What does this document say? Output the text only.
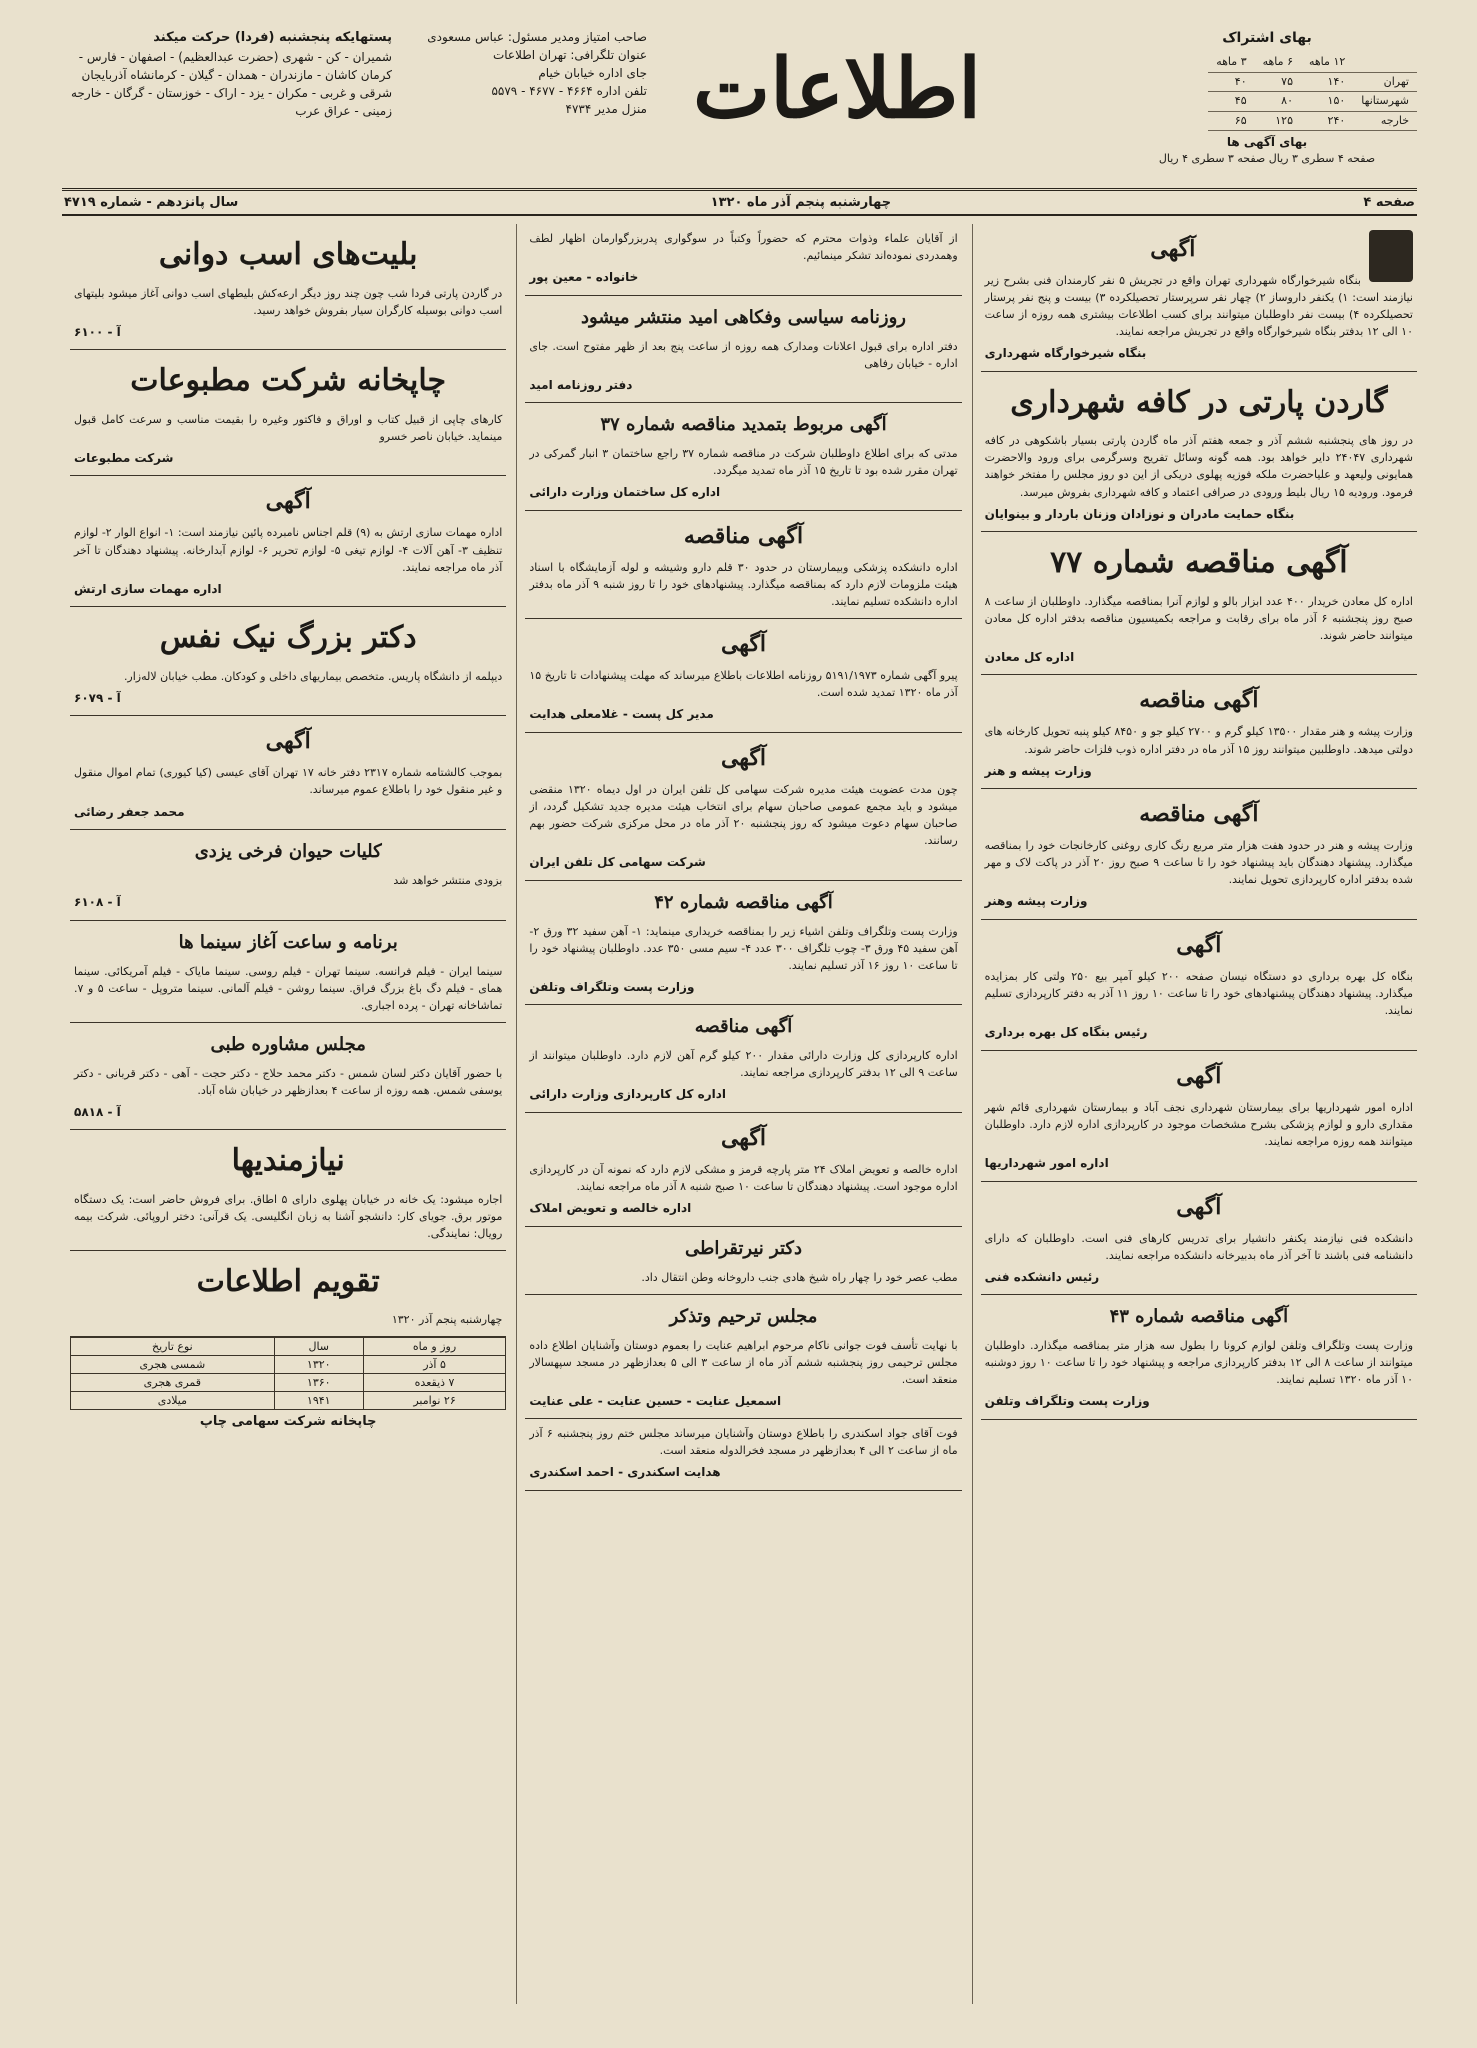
بهای اشتراک
	۱۲ ماهه	۶ ماهه	۳ ماهه
تهران	۱۴۰	۷۵	۴۰
شهرستانها	۱۵۰	۸۰	۴۵
خارجه	۲۴۰	۱۲۵	۶۵
بهای آگهی ها
صفحه ۴ سطری ۳ ریال صفحه ۳ سطری ۴ ریال
اطلاعات
صاحب امتیاز ومدیر مسئول: عباس مسعودی
عنوان تلگرافی: تهران اطلاعات
جای اداره خیابان خیام
تلفن اداره ۴۶۶۴ - ۴۶۷۷ - ۵۵۷۹
منزل مدیر ۴۷۳۴
پستهایکه پنجشنبه (فردا) حرکت میکند
شمیران - کن - شهری (حضرت عبدالعظیم) - اصفهان - فارس - کرمان کاشان - مازندران - همدان - گیلان - کرمانشاه آذربایجان شرقی و غربی - مکران - یزد - اراک - خوزستان - گرگان - خارجه زمینی - عراق عرب
صفحه ۴
چهارشنبه پنجم آذر ماه ۱۳۲۰
سال پانزدهم - شماره ۴۷۱۹
آگهی

بنگاه شیرخوارگاه شهرداری تهران واقع در تجریش ۵ نفر کارمندان فنی بشرح زیر نیازمند است: ۱) یکنفر داروساز ۲) چهار نفر سرپرستار تحصیلکرده ۳) بیست و پنج نفر پرستار تحصیلکرده ۴) بیست نفر داوطلبان میتوانند برای کسب اطلاعات بیشتری همه روزه از ساعت ۱۰ الی ۱۲ بدفتر بنگاه شیرخوارگاه واقع در تجریش مراجعه نمایند.

بنگاه شیرخوارگاه شهرداری
گاردن پارتی در کافه شهرداری

در روز های پنجشنبه ششم آذر و جمعه هفتم آذر ماه گاردن پارتی بسیار باشکوهی در کافه شهرداری ۲۴۰۴۷ دایر خواهد بود. همه گونه وسائل تفریح وسرگرمی برای ورود والاحضرت همایونی ولیعهد و علیاحضرت ملکه فوزیه پهلوی دریکی از این دو روز مجلس را مفتخر خواهند فرمود. ورودیه ۱۵ ریال بلیط ورودی در صرافی اعتماد و کافه شهرداری بفروش میرسد.

بنگاه حمایت مادران و نوزادان وزنان باردار و بینوایان
آگهی مناقصه شماره ۷۷

اداره کل معادن خریدار ۴۰۰ عدد ابزار بالو و لوازم آنرا بمناقصه میگذارد. داوطلبان از ساعت ۸ صبح روز پنجشنبه ۶ آذر ماه برای رقابت و مراجعه بکمیسیون مناقصه بدفتر اداره کل معادن میتوانند حاضر شوند.

اداره کل معادن
آگهی مناقصه

وزارت پیشه و هنر مقدار ۱۳۵۰۰ کیلو گرم و ۲۷۰۰ کیلو جو و ۸۴۵۰ کیلو پنبه تحویل کارخانه های دولتی میدهد. داوطلبین میتوانند روز ۱۵ آذر ماه در دفتر اداره ذوب فلزات حاضر شوند.

وزارت پیشه و هنر
آگهی مناقصه

وزارت پیشه و هنر در حدود هفت هزار متر مربع رنگ کاری روغنی کارخانجات خود را بمناقصه میگذارد. پیشنهاد دهندگان باید پیشنهاد خود را تا ساعت ۹ صبح روز ۲۰ آذر در پاکت لاک و مهر شده بدفتر اداره کارپردازی تحویل نمایند.

وزارت پیشه وهنر
آگهی

بنگاه کل بهره برداری دو دستگاه نیسان صفحه ۲۰۰ کیلو آمپر بیع ۲۵۰ ولتی کار بمزایده میگذارد. پیشنهاد دهندگان پیشنهادهای خود را تا ساعت ۱۰ روز ۱۱ آذر به دفتر کارپردازی تسلیم نمایند.

رئیس بنگاه کل بهره برداری
آگهی

اداره امور شهرداریها برای بیمارستان شهرداری نجف آباد و بیمارستان شهرداری قائم شهر مقداری دارو و لوازم پزشکی بشرح مشخصات موجود در کارپردازی اداره لازم دارد. داوطلبان میتوانند همه روزه مراجعه نمایند.

اداره امور شهرداریها
آگهی

دانشکده فنی نیازمند یکنفر دانشیار برای تدریس کارهای فنی است. داوطلبان که دارای دانشنامه فنی باشند تا آخر آذر ماه بدبیرخانه دانشکده مراجعه نمایند.

رئیس دانشکده فنی
آگهی مناقصه شماره ۴۳

وزارت پست وتلگراف وتلفن لوازم کرونا را بطول سه هزار متر بمناقصه میگذارد. داوطلبان میتوانند از ساعت ۸ الی ۱۲ بدفتر کارپردازی مراجعه و پیشنهاد خود را تا ساعت ۱۰ روز دوشنبه ۱۰ آذر ماه ۱۳۲۰ تسلیم نمایند.

وزارت پست وتلگراف وتلفن

از آقایان علماء وذوات محترم که حضوراً وکتباً در سوگواری پدربزرگوارمان اظهار لطف وهمدردی نموده‌اند تشکر مینمائیم.

خانواده - معین پور
روزنامه سیاسی وفکاهی امید منتشر میشود

دفتر اداره برای قبول اعلانات ومدارک همه روزه از ساعت پنج بعد از ظهر مفتوح است. جای اداره - خیابان رفاهی

دفتر روزنامه امید
آگهی مربوط بتمدید مناقصه شماره ۳۷

مدتی که برای اطلاع داوطلبان شرکت در مناقصه شماره ۳۷ راجع ساختمان ۳ انبار گمرکی در تهران مقرر شده بود تا تاریخ ۱۵ آذر ماه تمدید میگردد.

اداره کل ساختمان وزارت دارائی
آگهی مناقصه

اداره دانشکده پزشکی وبیمارستان در حدود ۳۰ قلم دارو وشیشه و لوله آزمایشگاه با اسناد هیئت ملزومات لازم دارد که بمناقصه میگذارد. پیشنهادهای خود را تا روز شنبه ۹ آذر ماه بدفتر اداره دانشکده تسلیم نمایند.

آگهی

پیرو آگهی شماره ۵۱۹۱/۱۹۷۳ روزنامه اطلاعات باطلاع میرساند که مهلت پیشنهادات تا تاریخ ۱۵ آذر ماه ۱۳۲۰ تمدید شده است.

مدیر کل پست - غلامعلی هدایت
آگهی

چون مدت عضویت هیئت مدیره شرکت سهامی کل تلفن ایران در اول دیماه ۱۳۲۰ منقضی میشود و باید مجمع عمومی صاحبان سهام برای انتخاب هیئت مدیره جدید تشکیل گردد، از صاحبان سهام دعوت میشود که روز پنجشنبه ۲۰ آذر ماه در محل مرکزی شرکت حضور بهم رسانند.

شرکت سهامی کل تلفن ایران
آگهی مناقصه شماره ۴۲

وزارت پست وتلگراف وتلفن اشیاء زیر را بمناقصه خریداری مینماید: ۱- آهن سفید ۳۲ ورق ۲- آهن سفید ۴۵ ورق ۳- چوب تلگراف ۳۰۰ عدد ۴- سیم مسی ۳۵۰ عدد. داوطلبان پیشنهاد خود را تا ساعت ۱۰ روز ۱۶ آذر تسلیم نمایند.

وزارت پست وتلگراف وتلفن
آگهی مناقصه

اداره کارپردازی کل وزارت دارائی مقدار ۲۰۰ کیلو گرم آهن لازم دارد. داوطلبان میتوانند از ساعت ۹ الی ۱۲ بدفتر کارپردازی مراجعه نمایند.

اداره کل کارپردازی وزارت دارائی
آگهی

اداره خالصه و تعویض املاک ۲۴ متر پارچه قرمز و مشکی لازم دارد که نمونه آن در کارپردازی اداره موجود است. پیشنهاد دهندگان تا ساعت ۱۰ صبح شنبه ۸ آذر ماه مراجعه نمایند.

اداره خالصه و تعویض املاک
دکتر نیرتقراطی

مطب عصر خود را چهار راه شیخ هادی جنب داروخانه وطن انتقال داد.

مجلس ترحیم وتذکر

با نهایت تأسف فوت جوانی ناکام مرحوم ابراهیم عنایت را بعموم دوستان وآشنایان اطلاع داده مجلس ترحیمی روز پنجشنبه ششم آذر ماه از ساعت ۳ الی ۵ بعدازظهر در مسجد سپهسالار منعقد است.

اسمعیل عنایت - حسین عنایت - علی عنایت

فوت آقای جواد اسکندری را باطلاع دوستان وآشنایان میرساند مجلس ختم روز پنجشنبه ۶ آذر ماه از ساعت ۲ الی ۴ بعدازظهر در مسجد فخرالدوله منعقد است.

هدایت اسکندری - احمد اسکندری
بلیت‌های اسب دوانی

در گاردن پارتی فردا شب چون چند روز دیگر ارعه‌کش بلیطهای اسب دوانی آغاز میشود بلیتهای اسب دوانی بوسیله کارگران سیار بفروش خواهد رسید.

آ - ۶۱۰۰
چاپخانه شرکت مطبوعات

کارهای چاپی از قبیل کتاب و اوراق و فاکتور وغیره را بقیمت مناسب و سرعت کامل قبول مینماید. خیابان ناصر خسرو

شرکت مطبوعات
آگهی

اداره مهمات سازی ارتش به (۹) قلم اجناس نامبرده پائین نیازمند است: ۱- انواع الوار ۲- لوازم تنظیف ۳- آهن آلات ۴- لوازم تیغی ۵- لوازم تحریر ۶- لوازم آبدارخانه. پیشنهاد دهندگان تا آخر آذر ماه مراجعه نمایند.

اداره مهمات سازی ارتش
دکتر بزرگ نیک نفس

دیپلمه از دانشگاه پاریس. متخصص بیماریهای داخلی و کودکان. مطب خیابان لاله‌زار.

آ - ۶۰۷۹
آگهی

بموجب کالشتامه شماره ۲۳۱۷ دفتر خانه ۱۷ تهران آقای عیسی (کیا کیوری) تمام اموال منقول و غیر منقول خود را باطلاع عموم میرساند.

محمد جعفر رضائی
کلیات حیوان فرخی یزدی

بزودی منتشر خواهد شد

آ - ۶۱۰۸
برنامه و ساعت آغاز سینما ها

سینما ایران - فیلم فرانسه. سینما تهران - فیلم روسی. سینما مایاک - فیلم آمریکائی. سینما همای - فیلم دگ باغ بزرگ فراق. سینما روشن - فیلم آلمانی. سینما متروپل - ساعت ۵ و ۷. تماشاخانه تهران - پرده اجباری.

مجلس مشاوره طبی

با حضور آقایان دکتر لسان شمس - دکتر محمد حلاج - دکتر حجت - آهی - دکتر قربانی - دکتر یوسفی شمس. همه روزه از ساعت ۴ بعدازظهر در خیابان شاه آباد.

آ - ۵۸۱۸
نیازمندیها

اجاره میشود: یک خانه در خیابان پهلوی دارای ۵ اطاق. برای فروش حاضر است: یک دستگاه موتور برق. جویای کار: دانشجو آشنا به زبان انگلیسی. یک قرآنی: دختر اروپائی. شرکت بیمه رویال: نمایندگی.

تقویم اطلاعات

چهارشنبه پنجم آذر ۱۳۲۰

روز و ماه	سال	نوع تاریخ
۵ آذر	۱۳۲۰	شمسی هجری
۷ ذیقعده	۱۳۶۰	قمری هجری
۲۶ نوامبر	۱۹۴۱	میلادی
چاپخانه شرکت سهامی چاپ
